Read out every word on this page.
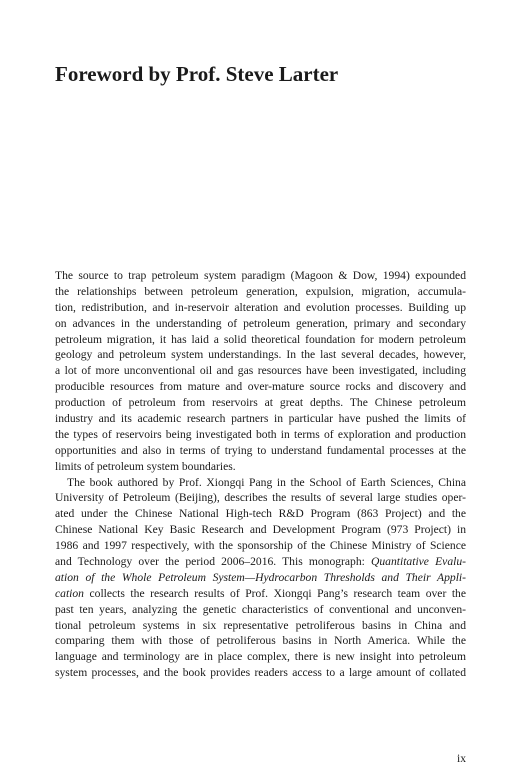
Foreword by Prof. Steve Larter
The source to trap petroleum system paradigm (Magoon & Dow, 1994) expounded
the relationships between petroleum generation, expulsion, migration, accumula-
tion, redistribution, and in-reservoir alteration and evolution processes. Building up
on advances in the understanding of petroleum generation, primary and secondary
petroleum migration, it has laid a solid theoretical foundation for modern petroleum
geology and petroleum system understandings. In the last several decades, however,
a lot of more unconventional oil and gas resources have been investigated, including
producible resources from mature and over-mature source rocks and discovery and
production of petroleum from reservoirs at great depths. The Chinese petroleum
industry and its academic research partners in particular have pushed the limits of
the types of reservoirs being investigated both in terms of exploration and production
opportunities and also in terms of trying to understand fundamental processes at the
limits of petroleum system boundaries.
The book authored by Prof. Xiongqi Pang in the School of Earth Sciences, China
University of Petroleum (Beijing), describes the results of several large studies oper-
ated under the Chinese National High-tech R&D Program (863 Project) and the
Chinese National Key Basic Research and Development Program (973 Project) in
1986 and 1997 respectively, with the sponsorship of the Chinese Ministry of Science
and Technology over the period 2006–2016. This monograph: Quantitative Evalu-
ation of the Whole Petroleum System—Hydrocarbon Thresholds and Their Appli-
cation collects the research results of Prof. Xiongqi Pang’s research team over the
past ten years, analyzing the genetic characteristics of conventional and unconven-
tional petroleum systems in six representative petroliferous basins in China and
comparing them with those of petroliferous basins in North America. While the
language and terminology are in place complex, there is new insight into petroleum
system processes, and the book provides readers access to a large amount of collated
ix
